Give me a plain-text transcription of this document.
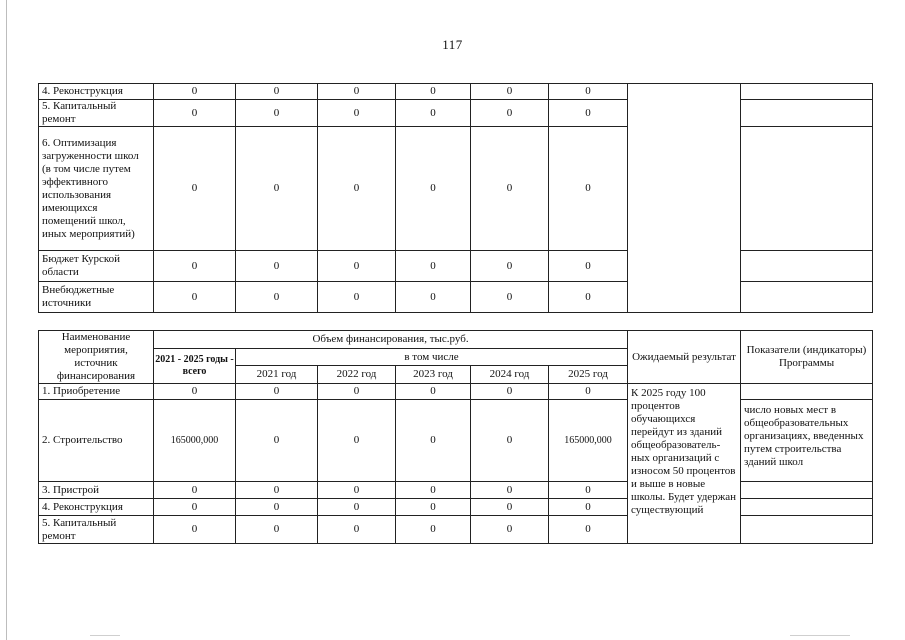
117
4. Реконструкция	0	0	0	0	0	0		
5. Капитальный ремонт	0	0	0	0	0	0		
6. Оптимизация загруженности школ (в том числе путем эффективного использования имеющихся помещений школ, иных мероприятий)	0	0	0	0	0	0		
Бюджет Курской области	0	0	0	0	0	0		
Внебюджетные источники	0	0	0	0	0	0		
Наименование мероприятия, источник финансирования	Объем финансирования, тыс.руб.						Ожидаемый результат	Показатели (индикаторы) Программы
	2021 - 2025 годы - всего	в том числе						
		2021 год	2022 год	2023 год	2024 год	2025 год		
1. Приобретение	0	0	0	0	0	0	К 2025 году 100 процентов обучающихся перейдут из зданий общеобразователь-ных организаций с износом 50 процентов и выше в новые школы. Будет удержан существующий	
2. Строительство	165000,000	0	0	0	0	165000,000		число новых мест в общеобразовательных организациях, введенных путем строительства зданий школ
3. Пристрой	0	0	0	0	0	0		
4. Реконструкция	0	0	0	0	0	0		
5. Капитальный ремонт	0	0	0	0	0	0		
